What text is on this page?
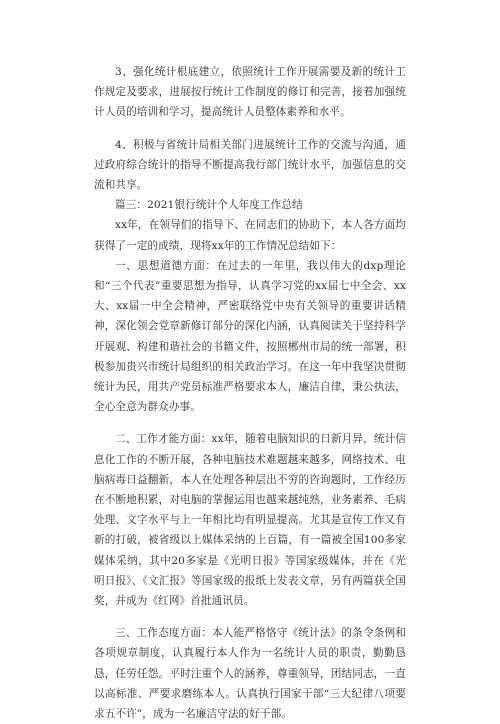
3、强化统计根底建立，依照统计工作开展需要及新的统计工作规定及要求，进展按行统计工作制度的修订和完善，接着加强统计人员的培训和学习，提高统计人员整体素养和水平。

4、积极与省统计局相关部门进展统计工作的交流与沟通，通过政府综合统计的指导不断提高我行部门统计水平，加强信息的交流和共享。

篇三：2021银行统计个人年度工作总结

xx年，在领导们的指导下、在同志们的协助下，本人各方面均获得了一定的成绩，现将xx年的工作情况总结如下：

一、思想道德方面：在过去的一年里，我以伟大的dxp理论和“三个代表”重要思想为指导，认真学习党的xx届七中全会、xx大、xx届一中全会精神，严密联络党中央有关领导的重要讲话精神，深化领会党章新修订部分的深化内涵，认真阅读关于坚持科学开展观、构建和谐社会的书籍文件，按照郴州市局的统一部署，积极参加贵兴市统计局组织的相关政治学习。在这一年中我坚决贯彻统计为民，用共产党员标准严格要求本人，廉洁自律，秉公执法，全心全意为群众办事。

二、工作才能方面：xx年，随着电脑知识的日新月异，统计信息化工作的不断开展，各种电脑技术难题越来越多，网络技术、电脑病毒日益翻新，本人在处理各种层出不穷的咨询题时，工作经历在不断地积累，对电脑的掌握运用也越来越纯熟，业务素养、毛病处理、文字水平与上一年相比均有明显提高。尤其是宣传工作又有新的打破，被省级以上媒体采纳的上百篇，有一篇被全国100多家媒体采纳，其中20多家是《光明日报》等国家级媒体，并在《光明日报》、《文汇报》等国家级的报纸上发表文章，另有两篇获全国奖，并成为《红网》首批通讯员。

三、工作态度方面：本人能严格恪守《统计法》的条令条例和各项规章制度，认真履行本人作为一名统计人员的职责，勤勤恳恳，任劳任怨。平时注重个人的涵养，尊重领导，团结同志，一直以高标准、严要求磨练本人。认真执行国家干部“三大纪律八项要求五不许”，成为一名廉洁守法的好干部。
